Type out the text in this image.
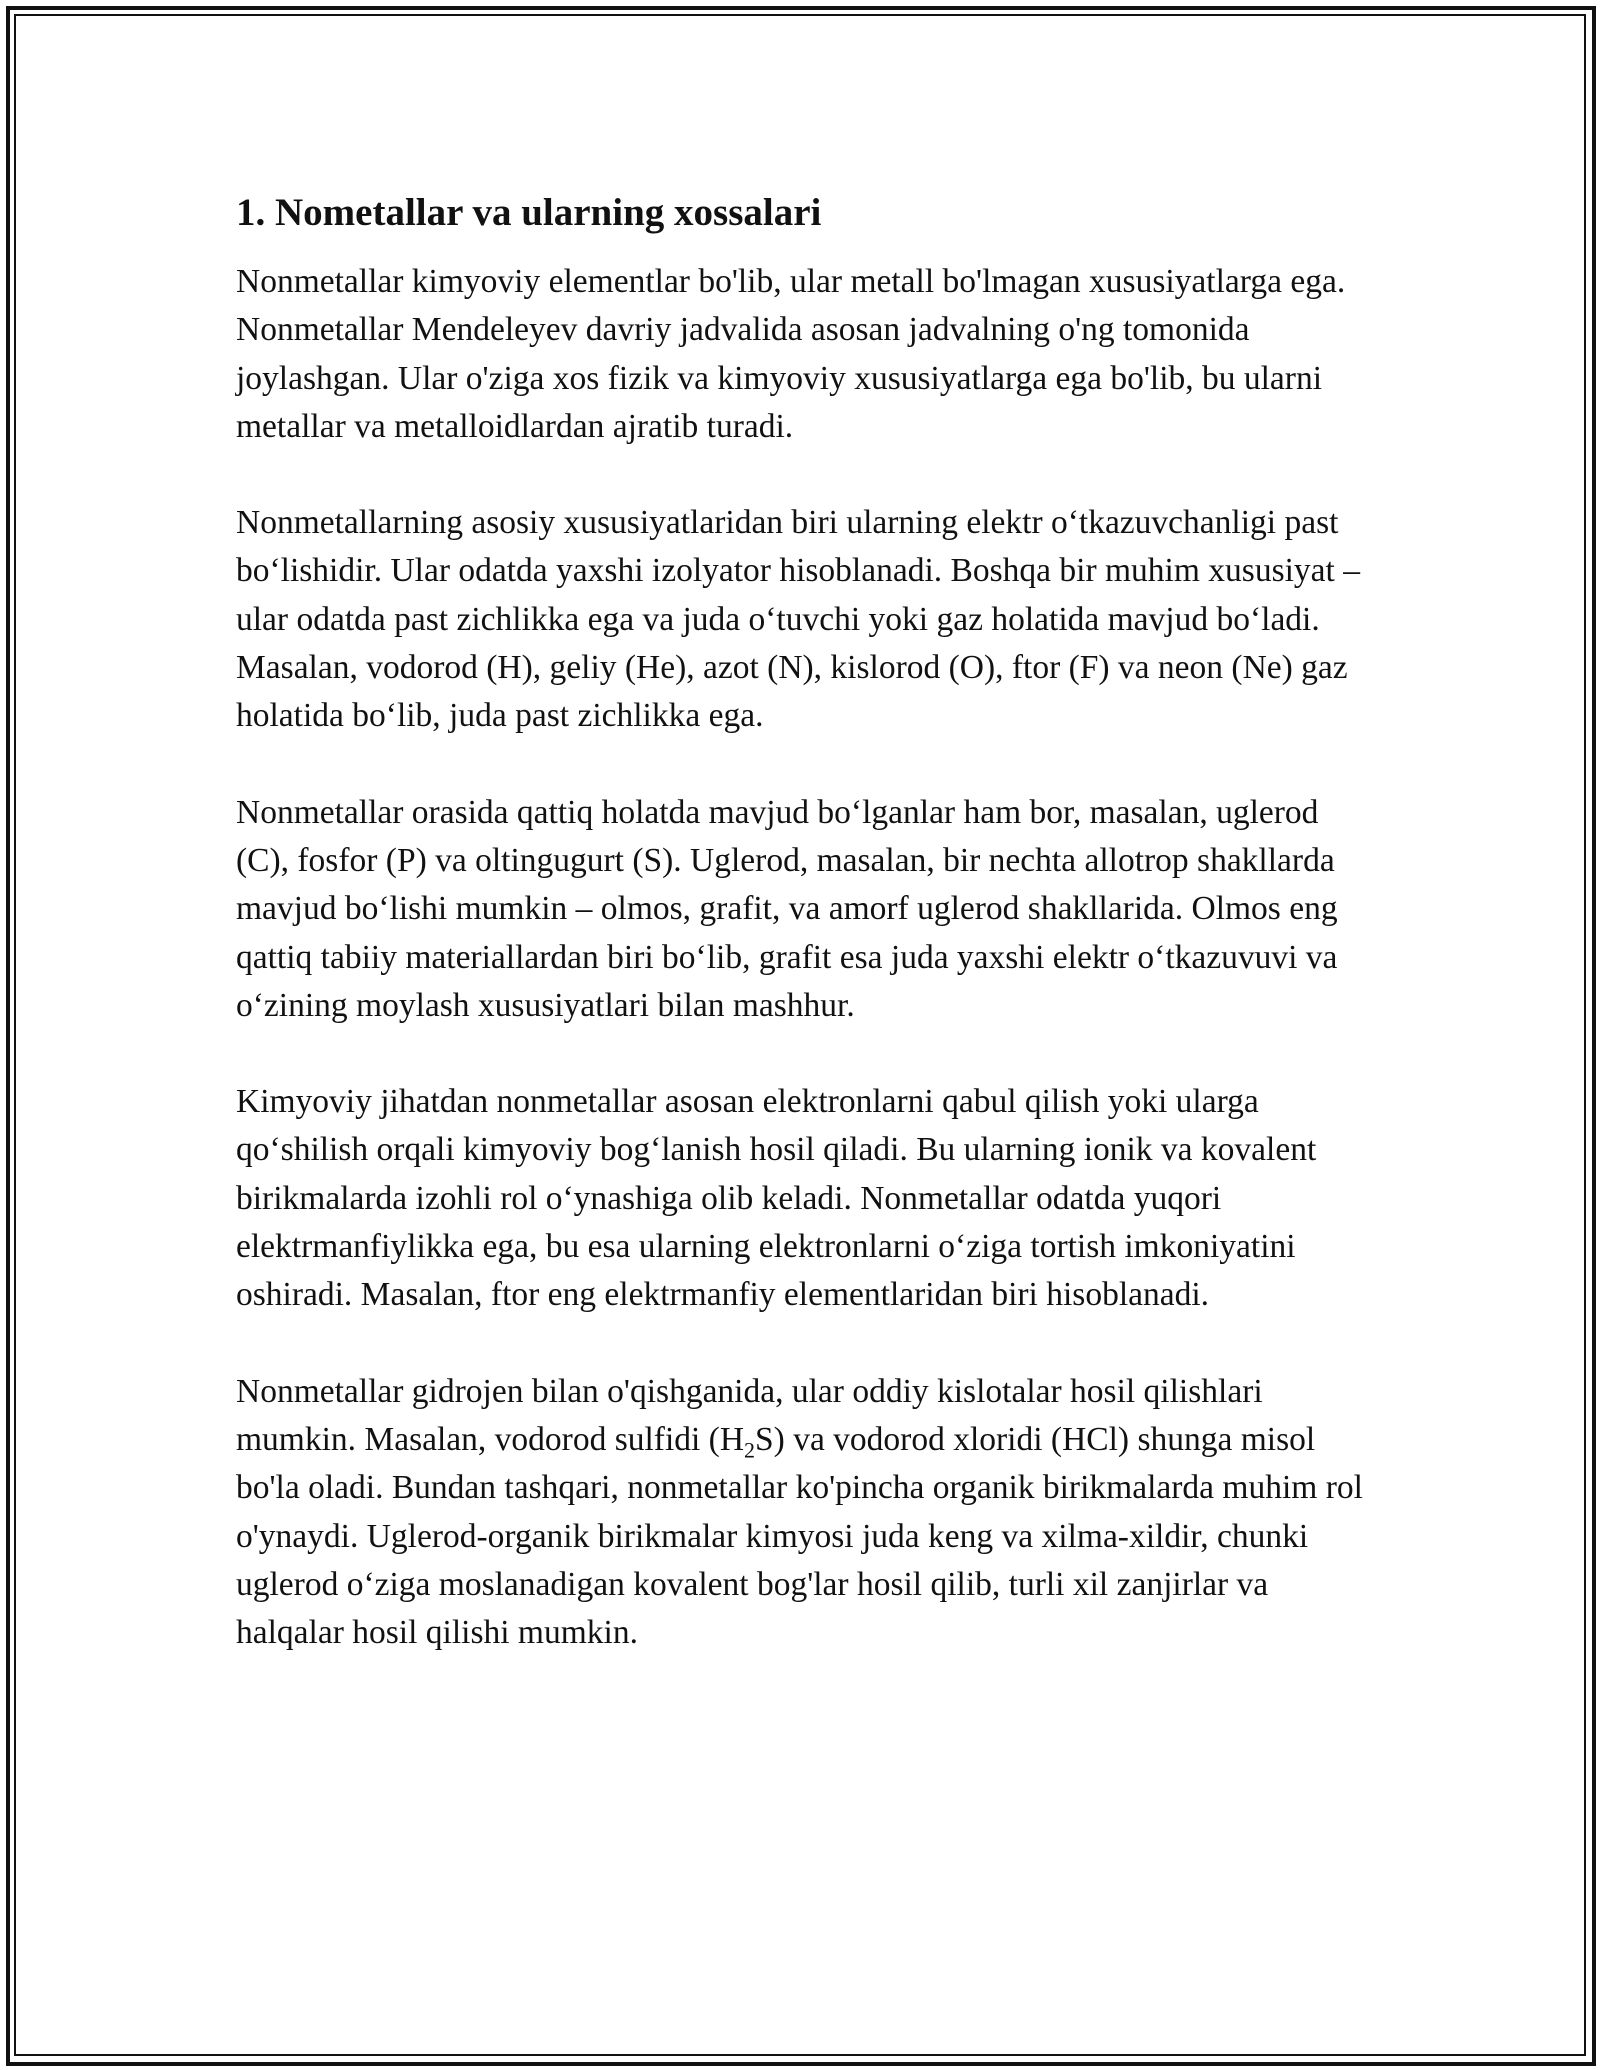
1. Nometallar va ularning xossalari

Nonmetallar kimyoviy elementlar bo'lib, ular metall bo'lmagan xususiyatlarga ega. Nonmetallar Mendeleyev davriy jadvalida asosan jadvalning o'ng tomonida joylashgan. Ular o'ziga xos fizik va kimyoviy xususiyatlarga ega bo'lib, bu ularni metallar va metalloidlardan ajratib turadi.

Nonmetallarning asosiy xususiyatlaridan biri ularning elektr o‘tkazuvchanligi past bo‘lishidir. Ular odatda yaxshi izolyator hisoblanadi. Boshqa bir muhim xususiyat – ular odatda past zichlikka ega va juda o‘tuvchi yoki gaz holatida mavjud bo‘ladi. Masalan, vodorod (H), geliy (He), azot (N), kislorod (O), ftor (F) va neon (Ne) gaz holatida bo‘lib, juda past zichlikka ega.

Nonmetallar orasida qattiq holatda mavjud bo‘lganlar ham bor, masalan, uglerod (C), fosfor (P) va oltingugurt (S). Uglerod, masalan, bir nechta allotrop shakllarda mavjud bo‘lishi mumkin – olmos, grafit, va amorf uglerod shakllarida. Olmos eng qattiq tabiiy materiallardan biri bo‘lib, grafit esa juda yaxshi elektr o‘tkazuvuvi va o‘zining moylash xususiyatlari bilan mashhur.

Kimyoviy jihatdan nonmetallar asosan elektronlarni qabul qilish yoki ularga qo‘shilish orqali kimyoviy bog‘lanish hosil qiladi. Bu ularning ionik va kovalent birikmalarda izohli rol o‘ynashiga olib keladi. Nonmetallar odatda yuqori elektrmanfiylikka ega, bu esa ularning elektronlarni o‘ziga tortish imkoniyatini oshiradi. Masalan, ftor eng elektrmanfiy elementlaridan biri hisoblanadi.

Nonmetallar gidrojen bilan o'qishganida, ular oddiy kislotalar hosil qilishlari mumkin. Masalan, vodorod sulfidi $(H_2S)$ va vodorod xloridi (HCl) shunga misol bo'la oladi. Bundan tashqari, nonmetallar ko'pincha organik birikmalarda muhim rol o'ynaydi. Uglerod-organik birikmalar kimyosi juda keng va xilma-xildir, chunki uglerod o‘ziga moslanadigan kovalent bog'lar hosil qilib, turli xil zanjirlar va halqalar hosil qilishi mumkin.
